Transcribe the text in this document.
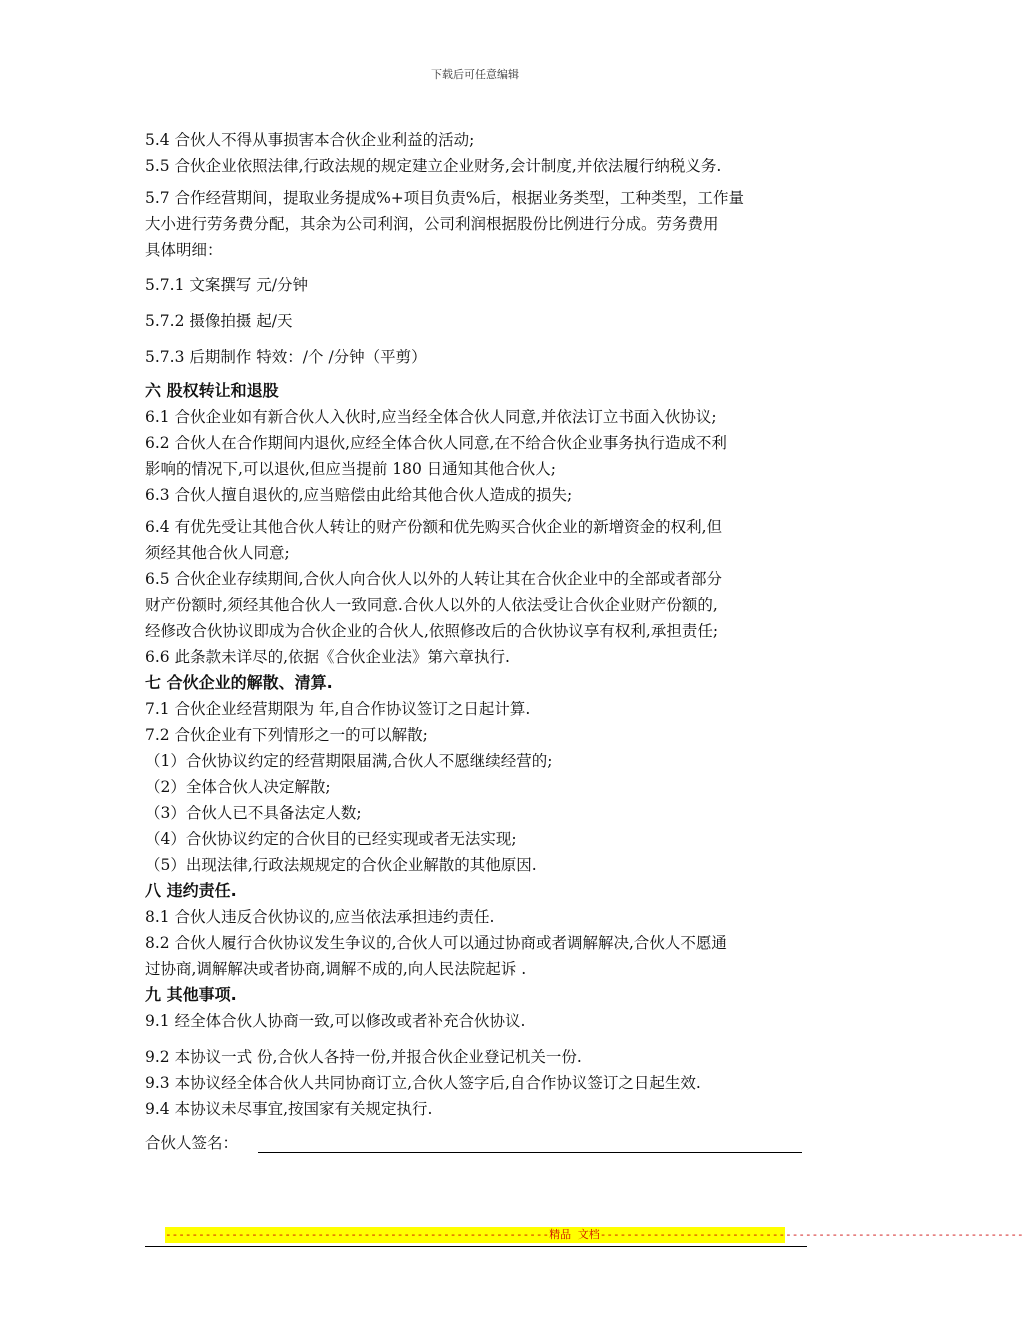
下载后可任意编辑
5.4 合伙人不得从事损害本合伙企业利益的活动;
5.5 合伙企业依照法律,行政法规的规定建立企业财务,会计制度,并依法履行纳税义务.
5.7 合作经营期间，提取业务提成%+项目负责%后，根据业务类型，工种类型，工作量
大小进行劳务费分配，其余为公司利润，公司利润根据股份比例进行分成。劳务费用
具体明细：
5.7.1 文案撰写 元/分钟
5.7.2 摄像拍摄 起/天
5.7.3 后期制作 特效：/个 /分钟（平剪）
六 股权转让和退股
6.1 合伙企业如有新合伙人入伙时,应当经全体合伙人同意,并依法订立书面入伙协议;
6.2 合伙人在合作期间内退伙,应经全体合伙人同意,在不给合伙企业事务执行造成不利
影响的情况下,可以退伙,但应当提前 180 日通知其他合伙人;
6.3 合伙人擅自退伙的,应当赔偿由此给其他合伙人造成的损失;
6.4 有优先受让其他合伙人转让的财产份额和优先购买合伙企业的新增资金的权利,但
须经其他合伙人同意;
6.5 合伙企业存续期间,合伙人向合伙人以外的人转让其在合伙企业中的全部或者部分
财产份额时,须经其他合伙人一致同意.合伙人以外的人依法受让合伙企业财产份额的,
经修改合伙协议即成为合伙企业的合伙人,依照修改后的合伙协议享有权利,承担责任;
6.6 此条款未详尽的,依据《合伙企业法》第六章执行.
七 合伙企业的解散、清算.
7.1 合伙企业经营期限为 年,自合作协议签订之日起计算.
7.2 合伙企业有下列情形之一的可以解散;
（1）合伙协议约定的经营期限届满,合伙人不愿继续经营的;
（2）全体合伙人决定解散;
（3）合伙人已不具备法定人数;
（4）合伙协议约定的合伙目的已经实现或者无法实现;
（5）出现法律,行政法规规定的合伙企业解散的其他原因.
八 违约责任.
8.1 合伙人违反合伙协议的,应当依法承担违约责任.
8.2 合伙人履行合伙协议发生争议的,合伙人可以通过协商或者调解解决,合伙人不愿通
过协商,调解解决或者协商,调解不成的,向人民法院起诉 .
九 其他事项.
9.1 经全体合伙人协商一致,可以修改或者补充合伙协议.
9.2 本协议一式 份,合伙人各持一份,并报合伙企业登记机关一份.
9.3 本协议经全体合伙人共同协商订立,合伙人签字后,自合作协议签订之日起生效.
9.4 本协议未尽事宜,按国家有关规定执行.
合伙人签名：
----------------------------------------------------------精品 文档----------------------------------------------------------------
